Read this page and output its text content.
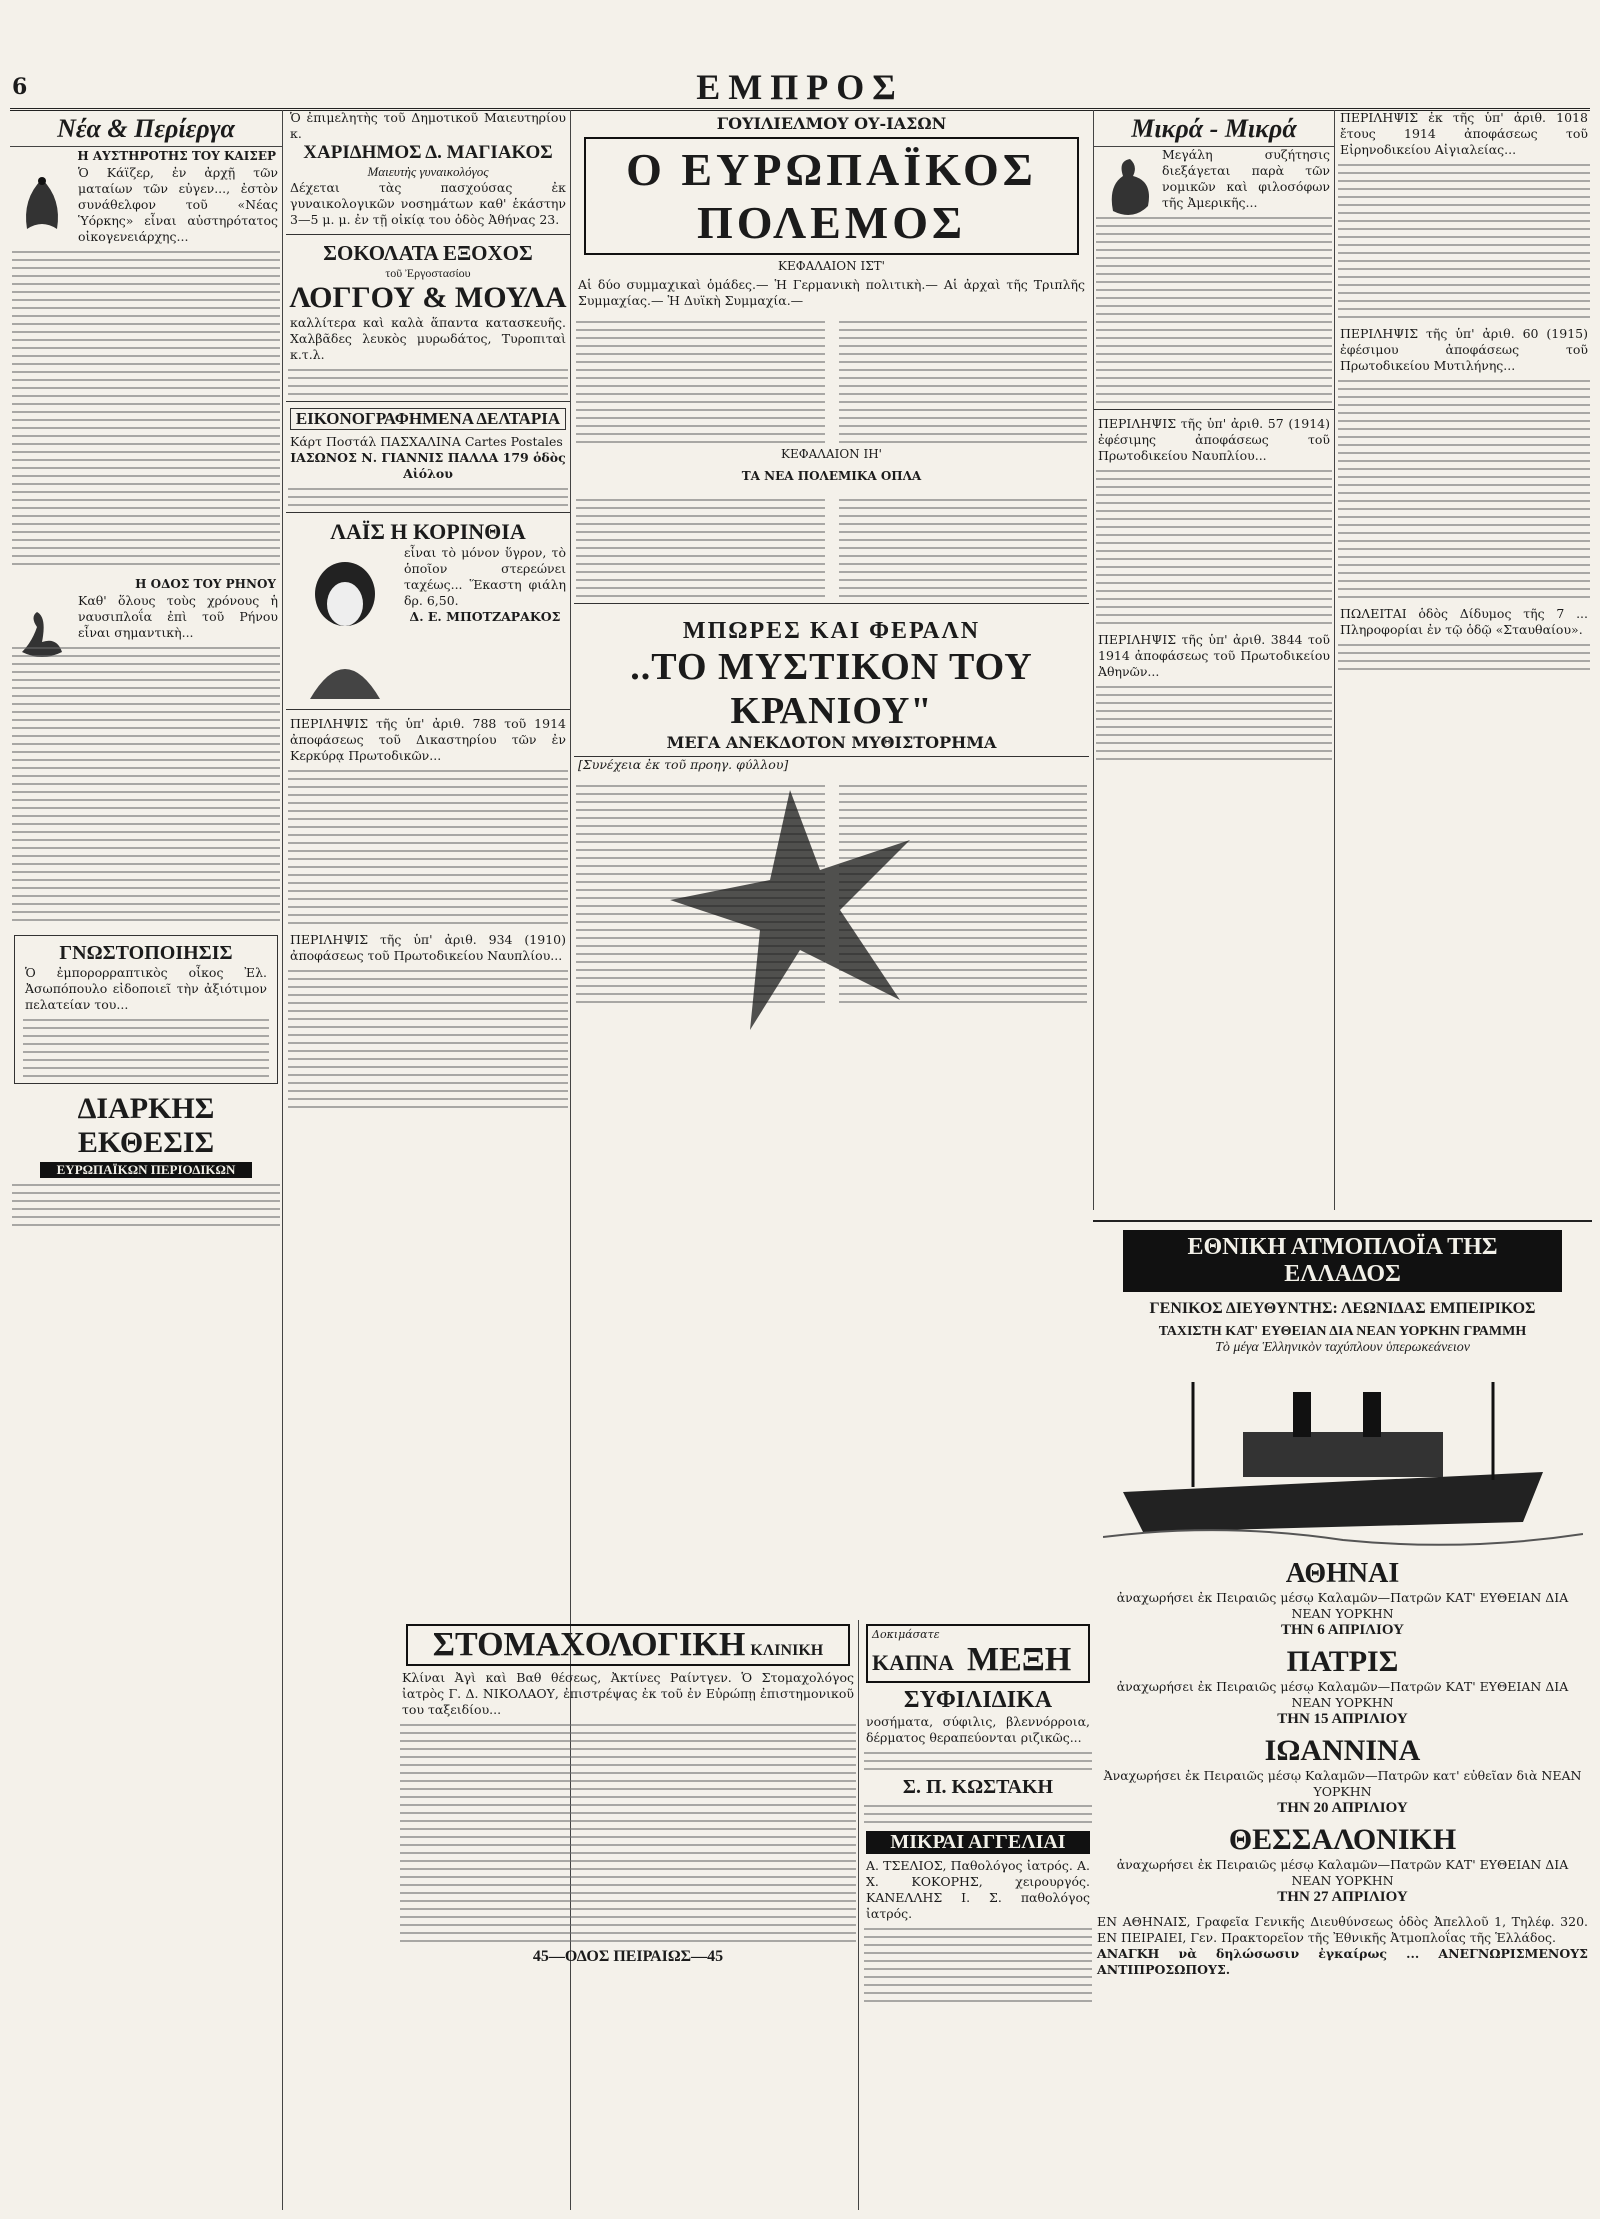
6	ΕΜΠΡΟΣ
Νέα & Περίεργα
Η ΑΥΣΤΗΡΟΤΗΣ ΤΟΥ ΚΑΙΣΕΡ
Ὁ Κάϊζερ, ἐν ἀρχῇ τῶν ματαίων τῶν εὐγεν..., ἐστὸν συνάθελφον τοῦ «Νέας Ὑόρκης» εἶναι αὐστηρότατος οἰκογενειάρχης...
Η ΟΔΟΣ ΤΟΥ ΡΗΝΟΥ
Καθ' ὅλους τοὺς χρόνους ἡ ναυσιπλοΐα ἐπὶ τοῦ Ρήνου εἶναι σημαντικὴ...
ΓΝΩΣΤΟΠΟΙΗΣΙΣ
Ὁ ἐμπορορραπτικὸς οἶκος Ἐλ. Ἀσωπόπουλο εἰδοποιεῖ τὴν ἀξιότιμον πελατείαν του...
ΔΙΑΡΚΗΣ ΕΚΘΕΣΙΣ
ΕΥΡΩΠΑΪΚΩΝ ΠΕΡΙΟΔΙΚΩΝ
Ὁ ἐπιμελητὴς τοῦ Δημοτικοῦ Μαιευτηρίου κ.
ΧΑΡΙΔΗΜΟΣ Δ. ΜΑΓΙΑΚΟΣ
Μαιευτὴς γυναικολόγος
Δέχεται τὰς πασχούσας ἐκ γυναικολογικῶν νοσημάτων καθ' ἑκάστην 3—5 μ. μ. ἐν τῇ οἰκίᾳ του ὁδὸς Ἀθήνας 23.
ΣΟΚΟΛΑΤΑ ΕΞΟΧΟΣ
τοῦ Ἐργοστασίου
ΛΟΓΓΟΥ & ΜΟΥΛΑ
καλλίτερα καὶ καλὰ ἅπαντα κατασκευῆς. Χαλβᾶδες λευκὸς μυρωδάτος, Τυροπιταὶ κ.τ.λ.
ΕΙΚΟΝΟΓΡΑΦΗΜΕΝΑ ΔΕΛΤΑΡΙΑ
Κάρτ Ποστάλ ΠΑΣΧΑΛΙΝΑ Cartes Postales
ΙΑΣΩΝΟΣ Ν. ΓΙΑΝΝΙΣ ΠΑΛΛΑ 179 ὁδὸς Αἰόλου
ΛΑΪΣ Η ΚΟΡΙΝΘΙΑ
εἶναι τὸ μόνον ὕγρον, τὸ ὁποῖον στερεώνει ταχέως... Ἕκαστη φιάλη δρ. 6,50.
Δ. Ε. ΜΠΟΤΖΑΡΑΚΟΣ
ΠΕΡΙΛΗΨΙΣ τῆς ὑπ' ἀριθ. 788 τοῦ 1914 ἀποφάσεως τοῦ Δικαστηρίου τῶν ἐν Κερκύρᾳ Πρωτοδικῶν...
ΠΕΡΙΛΗΨΙΣ τῆς ὑπ' ἀριθ. 934 (1910) ἀποφάσεως τοῦ Πρωτοδικείου Ναυπλίου...
ΓΟΥΙΛΙΕΛΜΟΥ ΟΥ-ΙΑΣΩΝ
Ο ΕΥΡΩΠΑΪΚΟΣ ΠΟΛΕΜΟΣ
ΚΕΦΑΛΑΙΟΝ ΙΣΤ'
Αἱ δύο συμμαχικαὶ ὁμάδες.— Ἡ Γερμανικὴ πολιτικὴ.— Αἱ ἀρχαὶ τῆς Τριπλῆς Συμμαχίας.— Ἡ Δυϊκὴ Συμμαχία.—
ΚΕΦΑΛΑΙΟΝ ΙΗ'
ΤΑ ΝΕΑ ΠΟΛΕΜΙΚΑ ΟΠΛΑ
ΜΠΩΡΕΣ ΚΑΙ ΦΕΡΑΛΝ
..ΤΟ ΜΥΣΤΙΚΟΝ ΤΟΥ ΚΡΑΝΙΟΥ"
ΜΕΓΑ ΑΝΕΚΔΟΤΟΝ ΜΥΘΙΣΤΟΡΗΜΑ
[Συνέχεια ἐκ τοῦ προηγ. φύλλου]
Μικρά - Μικρά
Μεγάλη συζήτησις διεξάγεται παρὰ τῶν νομικῶν καὶ φιλοσόφων τῆς Ἀμερικῆς...
ΠΕΡΙΛΗΨΙΣ τῆς ὑπ' ἀριθ. 57 (1914) ἐφέσιμης ἀποφάσεως τοῦ Πρωτοδικείου Ναυπλίου...
ΠΕΡΙΛΗΨΙΣ τῆς ὑπ' ἀριθ. 3844 τοῦ 1914 ἀποφάσεως τοῦ Πρωτοδικείου Ἀθηνῶν...
ΠΕΡΙΛΗΨΙΣ ἐκ τῆς ὑπ' ἀριθ. 1018 ἔτους 1914 ἀποφάσεως τοῦ Εἰρηνοδικείου Αἰγιαλείας...
ΠΕΡΙΛΗΨΙΣ τῆς ὑπ' ἀριθ. 60 (1915) ἐφέσιμου ἀποφάσεως τοῦ Πρωτοδικείου Μυτιλήνης...
ΠΩΛΕΙΤΑΙ ὁδὸς Δίδυμος τῆς 7 ... Πληροφορίαι ἐν τῷ ὁδῷ «Σταυθαίου».
ΣΤΟΜΑΧΟΛΟΓΙΚΗ ΚΛΙΝΙΚΗ
Κλίναι Ἀγὶ καὶ Βαθ θέσεως, Ἀκτίνες Ραίντγεν. Ὁ Στομαχολόγος ἰατρὸς Γ. Δ. ΝΙΚΟΛΑΟΥ, ἐπιστρέψας ἐκ τοῦ ἐν Εὐρώπῃ ἐπιστημονικοῦ του ταξειδίου...
45—ΟΔΟΣ ΠΕΙΡΑΙΩΣ—45
Δοκιμάσατε
ΚΑΠΝΑ ΜΕΞΗ
ΣΥΦΙΛΙΔΙΚΑ
νοσήματα, σύφιλις, βλεννόρροια, δέρματος θεραπεύονται ριζικῶς...
Σ. Π. ΚΩΣΤΑΚΗ
ΜΙΚΡΑΙ ΑΓΓΕΛΙΑΙ
Α. ΤΣΕΛΙΟΣ, Παθολόγος ἰατρός. Α. Χ. ΚΟΚΟΡΗΣ, χειρουργός. ΚΑΝΕΛΛΗΣ Ι. Σ. παθολόγος ἰατρός.
ΕΘΝΙΚΗ ΑΤΜΟΠΛΟΪΑ ΤΗΣ ΕΛΛΑΔΟΣ
ΓΕΝΙΚΟΣ ΔΙΕΥΘΥΝΤΗΣ: ΛΕΩΝΙΔΑΣ ΕΜΠΕΙΡΙΚΟΣ
ΤΑΧΙΣΤΗ ΚΑΤ' ΕΥΘΕΙΑΝ ΔΙΑ ΝΕΑΝ ΥΟΡΚΗΝ ΓΡΑΜΜΗ
Τὸ μέγα Ἑλληνικὸν ταχύπλουν ὑπερωκεάνειον
ΑΘΗΝΑΙ
ἀναχωρήσει ἐκ Πειραιῶς μέσῳ Καλαμῶν—Πατρῶν ΚΑΤ' ΕΥΘΕΙΑΝ ΔΙΑ ΝΕΑΝ ΥΟΡΚΗΝ
ΤΗΝ 6 ΑΠΡΙΛΙΟΥ
ΠΑΤΡΙΣ
ἀναχωρήσει ἐκ Πειραιῶς μέσῳ Καλαμῶν—Πατρῶν ΚΑΤ' ΕΥΘΕΙΑΝ ΔΙΑ ΝΕΑΝ ΥΟΡΚΗΝ
ΤΗΝ 15 ΑΠΡΙΛΙΟΥ
ΙΩΑΝΝΙΝΑ
Ἀναχωρήσει ἐκ Πειραιῶς μέσῳ Καλαμῶν—Πατρῶν κατ' εὐθεῖαν διὰ ΝΕΑΝ ΥΟΡΚΗΝ
ΤΗΝ 20 ΑΠΡΙΛΙΟΥ
ΘΕΣΣΑΛΟΝΙΚΗ
ἀναχωρήσει ἐκ Πειραιῶς μέσῳ Καλαμῶν—Πατρῶν ΚΑΤ' ΕΥΘΕΙΑΝ ΔΙΑ ΝΕΑΝ ΥΟΡΚΗΝ
ΤΗΝ 27 ΑΠΡΙΛΙΟΥ
ΕΝ ΑΘΗΝΑΙΣ, Γραφεῖα Γενικῆς Διευθύνσεως ὁδὸς Ἀπελλοῦ 1, Τηλέφ. 320. ΕΝ ΠΕΙΡΑΙΕΙ, Γεν. Πρακτορεῖον τῆς Ἐθνικῆς Ἀτμοπλοΐας τῆς Ἑλλάδος.
ΑΝΑΓΚΗ νὰ δηλώσωσιν ἐγκαίρως ... ΑΝΕΓΝΩΡΙΣΜΕΝΟΥΣ ΑΝΤΙΠΡΟΣΩΠΟΥΣ.
